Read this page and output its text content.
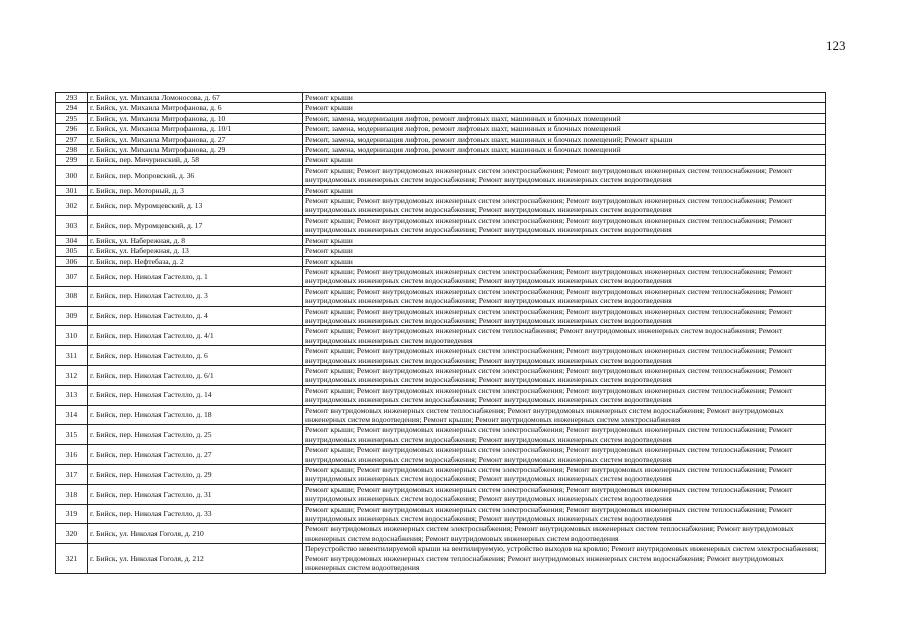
123
293	г. Бийск, ул. Михаила Ломоносова, д. 67	Ремонт крыши
294	г. Бийск, ул. Михаила Митрофанова, д. 6	Ремонт крыши
295	г. Бийск, ул. Михаила Митрофанова, д. 10	Ремонт, замена, модернизация лифтов, ремонт лифтовых шахт, машинных и блочных помещений
296	г. Бийск, ул. Михаила Митрофанова, д. 10/1	Ремонт, замена, модернизация лифтов, ремонт лифтовых шахт, машинных и блочных помещений
297	г. Бийск, ул. Михаила Митрофанова, д. 27	Ремонт, замена, модернизация лифтов, ремонт лифтовых шахт, машинных и блочных помещений; Ремонт крыши
298	г. Бийск, ул. Михаила Митрофанова, д. 29	Ремонт, замена, модернизация лифтов, ремонт лифтовых шахт, машинных и блочных помещений
299	г. Бийск, пер. Мичуринский, д. 58	Ремонт крыши
300	г. Бийск, пер. Мопровский, д. 36	Ремонт крыши; Ремонт внутридомовых инженерных систем электроснабжения; Ремонт внутридомовых инженерных систем теплоснабжения; Ремонт внутридомовых инженерных систем водоснабжения; Ремонт внутридомовых инженерных систем водоотведения
301	г. Бийск, пер. Моторный, д. 3	Ремонт крыши
302	г. Бийск, пер. Муромцевский, д. 13	Ремонт крыши; Ремонт внутридомовых инженерных систем электроснабжения; Ремонт внутридомовых инженерных систем теплоснабжения; Ремонт внутридомовых инженерных систем водоснабжения; Ремонт внутридомовых инженерных систем водоотведения
303	г. Бийск, пер. Муромцевский, д. 17	Ремонт крыши; Ремонт внутридомовых инженерных систем электроснабжения; Ремонт внутридомовых инженерных систем теплоснабжения; Ремонт внутридомовых инженерных систем водоснабжения; Ремонт внутридомовых инженерных систем водоотведения
304	г. Бийск, ул. Набережная, д. 8	Ремонт крыши
305	г. Бийск, ул. Набережная, д. 13	Ремонт крыши
306	г. Бийск, пер. Нефтебаза, д. 2	Ремонт крыши
307	г. Бийск, пер. Николая Гастелло, д. 1	Ремонт крыши; Ремонт внутридомовых инженерных систем электроснабжения; Ремонт внутридомовых инженерных систем теплоснабжения; Ремонт внутридомовых инженерных систем водоснабжения; Ремонт внутридомовых инженерных систем водоотведения
308	г. Бийск, пер. Николая Гастелло, д. 3	Ремонт крыши; Ремонт внутридомовых инженерных систем электроснабжения; Ремонт внутридомовых инженерных систем теплоснабжения; Ремонт внутридомовых инженерных систем водоснабжения; Ремонт внутридомовых инженерных систем водоотведения
309	г. Бийск, пер. Николая Гастелло, д. 4	Ремонт крыши; Ремонт внутридомовых инженерных систем электроснабжения; Ремонт внутридомовых инженерных систем теплоснабжения; Ремонт внутридомовых инженерных систем водоснабжения; Ремонт внутридомовых инженерных систем водоотведения
310	г. Бийск, пер. Николая Гастелло, д. 4/1	Ремонт крыши; Ремонт внутридомовых инженерных систем теплоснабжения; Ремонт внутридомовых инженерных систем водоснабжения; Ремонт внутридомовых инженерных систем водоотведения
311	г. Бийск, пер. Николая Гастелло, д. 6	Ремонт крыши; Ремонт внутридомовых инженерных систем электроснабжения; Ремонт внутридомовых инженерных систем теплоснабжения; Ремонт внутридомовых инженерных систем водоснабжения; Ремонт внутридомовых инженерных систем водоотведения
312	г. Бийск, пер. Николая Гастелло, д. 6/1	Ремонт крыши; Ремонт внутридомовых инженерных систем электроснабжения; Ремонт внутридомовых инженерных систем теплоснабжения; Ремонт внутридомовых инженерных систем водоснабжения; Ремонт внутридомовых инженерных систем водоотведения
313	г. Бийск, пер. Николая Гастелло, д. 14	Ремонт крыши; Ремонт внутридомовых инженерных систем электроснабжения; Ремонт внутридомовых инженерных систем теплоснабжения; Ремонт внутридомовых инженерных систем водоснабжения; Ремонт внутридомовых инженерных систем водоотведения
314	г. Бийск, пер. Николая Гастелло, д. 18	Ремонт внутридомовых инженерных систем теплоснабжения; Ремонт внутридомовых инженерных систем водоснабжения; Ремонт внутридомовых инженерных систем водоотведения; Ремонт крыши; Ремонт внутридомовых инженерных систем электроснабжения
315	г. Бийск, пер. Николая Гастелло, д. 25	Ремонт крыши; Ремонт внутридомовых инженерных систем электроснабжения; Ремонт внутридомовых инженерных систем теплоснабжения; Ремонт внутридомовых инженерных систем водоснабжения; Ремонт внутридомовых инженерных систем водоотведения
316	г. Бийск, пер. Николая Гастелло, д. 27	Ремонт крыши; Ремонт внутридомовых инженерных систем электроснабжения; Ремонт внутридомовых инженерных систем теплоснабжения; Ремонт внутридомовых инженерных систем водоснабжения; Ремонт внутридомовых инженерных систем водоотведения
317	г. Бийск, пер. Николая Гастелло, д. 29	Ремонт крыши; Ремонт внутридомовых инженерных систем электроснабжения; Ремонт внутридомовых инженерных систем теплоснабжения; Ремонт внутридомовых инженерных систем водоснабжения; Ремонт внутридомовых инженерных систем водоотведения
318	г. Бийск, пер. Николая Гастелло, д. 31	Ремонт крыши; Ремонт внутридомовых инженерных систем электроснабжения; Ремонт внутридомовых инженерных систем теплоснабжения; Ремонт внутридомовых инженерных систем водоснабжения; Ремонт внутридомовых инженерных систем водоотведения
319	г. Бийск, пер. Николая Гастелло, д. 33	Ремонт крыши; Ремонт внутридомовых инженерных систем электроснабжения; Ремонт внутридомовых инженерных систем теплоснабжения; Ремонт внутридомовых инженерных систем водоснабжения; Ремонт внутридомовых инженерных систем водоотведения
320	г. Бийск, ул. Николая Гоголя, д. 210	Ремонт внутридомовых инженерных систем электроснабжения; Ремонт внутридомовых инженерных систем теплоснабжения; Ремонт внутридомовых инженерных систем водоснабжения; Ремонт внутридомовых инженерных систем водоотведения
321	г. Бийск, ул. Николая Гоголя, д. 212	Переустройство невентилируемой крыши на вентилируемую, устройство выходов на кровлю; Ремонт внутридомовых инженерных систем электроснабжения; Ремонт внутридомовых инженерных систем теплоснабжения; Ремонт внутридомовых инженерных систем водоснабжения; Ремонт внутридомовых инженерных систем водоотведения
